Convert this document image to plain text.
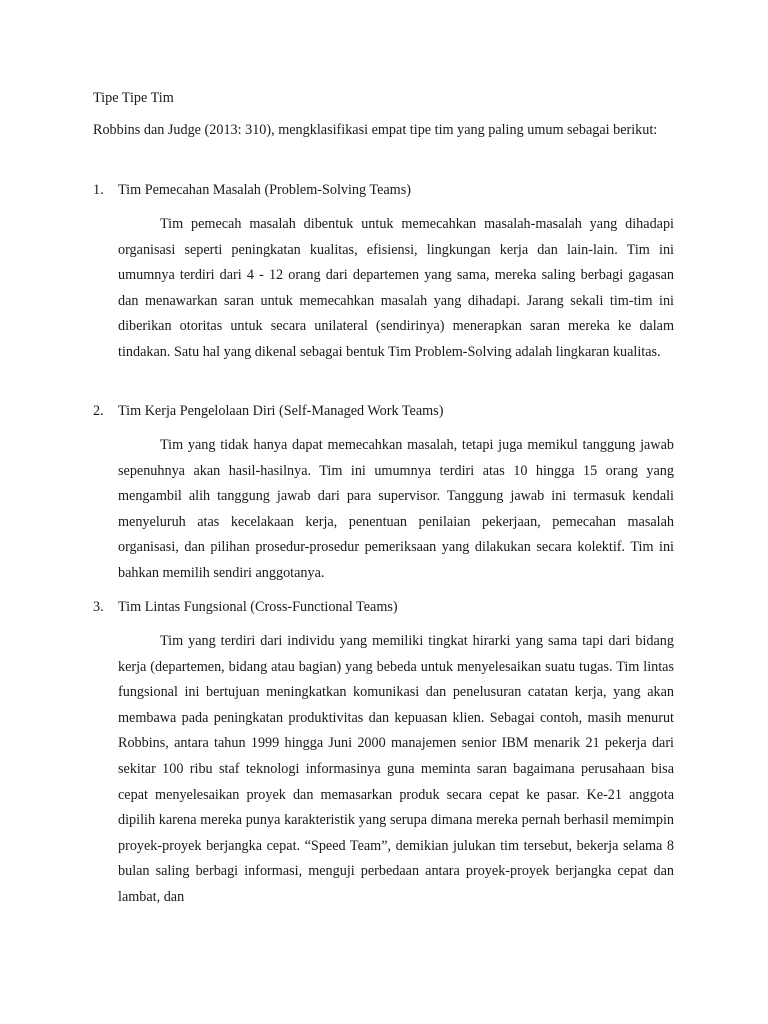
Tipe Tipe Tim

Robbins dan Judge (2013: 310), mengklasifikasi empat tipe tim yang paling umum sebagai berikut:

1. Tim Pemecahan Masalah (Problem-Solving Teams)

Tim pemecah masalah dibentuk untuk memecahkan masalah-masalah yang dihadapi organisasi seperti peningkatan kualitas, efisiensi, lingkungan kerja dan lain-lain. Tim ini umumnya terdiri dari 4 - 12 orang dari departemen yang sama, mereka saling berbagi gagasan dan menawarkan saran untuk memecahkan masalah yang dihadapi. Jarang sekali tim-tim ini diberikan otoritas untuk secara unilateral (sendirinya) menerapkan saran mereka ke dalam tindakan. Satu hal yang dikenal sebagai bentuk Tim Problem-Solving adalah lingkaran kualitas.

2. Tim Kerja Pengelolaan Diri (Self-Managed Work Teams)

Tim yang tidak hanya dapat memecahkan masalah, tetapi juga memikul tanggung jawab sepenuhnya akan hasil-hasilnya. Tim ini umumnya terdiri atas 10 hingga 15 orang yang mengambil alih tanggung jawab dari para supervisor. Tanggung jawab ini termasuk kendali menyeluruh atas kecelakaan kerja, penentuan penilaian pekerjaan, pemecahan masalah organisasi, dan pilihan prosedur-prosedur pemeriksaan yang dilakukan secara kolektif. Tim ini bahkan memilih sendiri anggotanya.

3. Tim Lintas Fungsional (Cross-Functional Teams)

Tim yang terdiri dari individu yang memiliki tingkat hirarki yang sama tapi dari bidang kerja (departemen, bidang atau bagian) yang bebeda untuk menyelesaikan suatu tugas. Tim lintas fungsional ini bertujuan meningkatkan komunikasi dan penelusuran catatan kerja, yang akan membawa pada peningkatan produktivitas dan kepuasan klien. Sebagai contoh, masih menurut Robbins, antara tahun 1999 hingga Juni 2000 manajemen senior IBM menarik 21 pekerja dari sekitar 100 ribu staf teknologi informasinya guna meminta saran bagaimana perusahaan bisa cepat menyelesaikan proyek dan memasarkan produk secara cepat ke pasar. Ke-21 anggota dipilih karena mereka punya karakteristik yang serupa dimana mereka pernah berhasil memimpin proyek-proyek berjangka cepat. “Speed Team”, demikian julukan tim tersebut, bekerja selama 8 bulan saling berbagi informasi, menguji perbedaan antara proyek-proyek berjangka cepat dan lambat, dan
